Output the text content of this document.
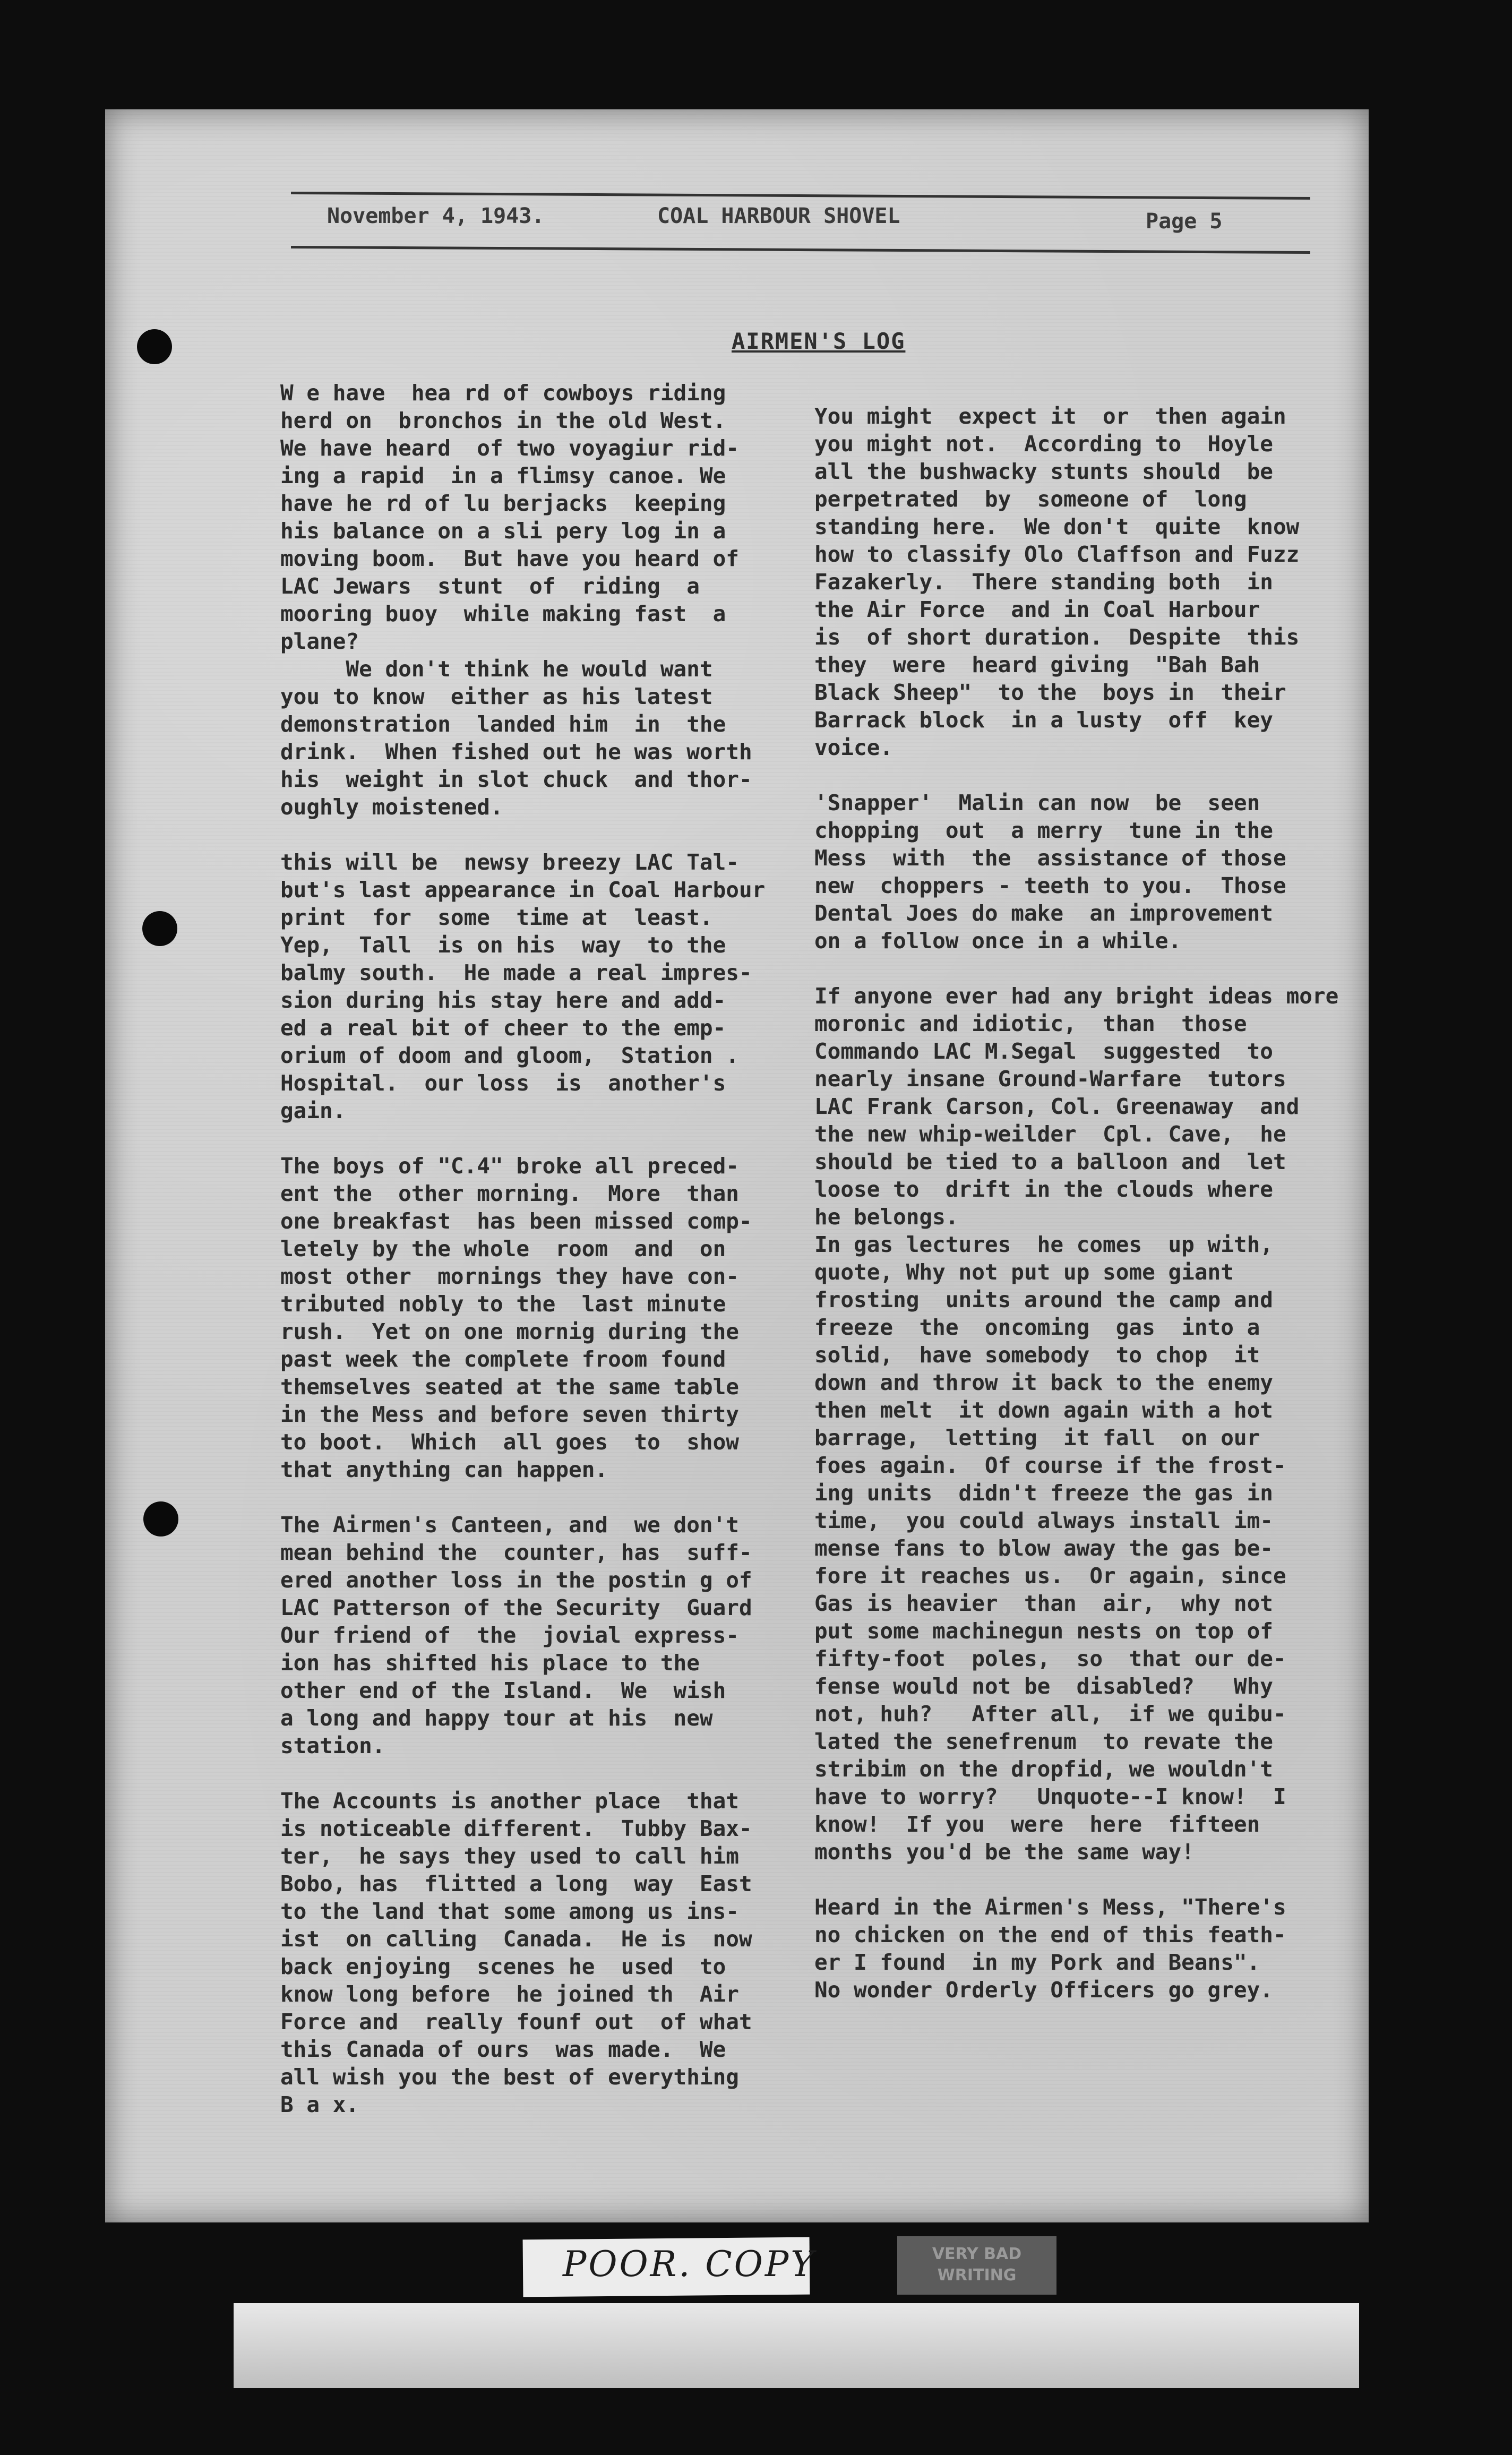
November 4, 1943.	COAL HARBOUR SHOVEL	Page 5
AIRMEN'S LOG

W e have  hea rd of cowboys riding
herd on  bronchos in the old West.
We have heard  of two voyagiur rid-
ing a rapid  in a flimsy canoe. We
have he rd of lu berjacks  keeping
his balance on a sli pery log in a
moving boom.  But have you heard of
LAC Jewars  stunt  of  riding  a
mooring buoy  while making fast  a
plane?
We don't think he would want
you to know  either as his latest
demonstration  landed him  in  the
drink.  When fished out he was worth
his  weight in slot chuck  and thor-
oughly moistened.

this will be  newsy breezy LAC Tal-
but's last appearance in Coal Harbour
print  for  some  time at  least.
Yep,  Tall  is on his  way  to the
balmy south.  He made a real impres-
sion during his stay here and add-
ed a real bit of cheer to the emp-
orium of doom and gloom,  Station .
Hospital.  our loss  is  another's
gain.

The boys of "C.4" broke all preced-
ent the  other morning.  More  than
one breakfast  has been missed comp-
letely by the whole  room  and  on
most other  mornings they have con-
tributed nobly to the  last minute
rush.  Yet on one mornig during the
past week the complete froom found
themselves seated at the same table
in the Mess and before seven thirty
to boot.  Which  all goes  to  show
that anything can happen.

The Airmen's Canteen, and  we don't
mean behind the  counter, has  suff-
ered another loss in the postin g of
LAC Patterson of the Security  Guard
Our friend of  the  jovial express-
ion has shifted his place to the
other end of the Island.  We  wish
a long and happy tour at his  new
station.

The Accounts is another place  that
is noticeable different.  Tubby Bax-
ter,  he says they used to call him
Bobo, has  flitted a long  way  East
to the land that some among us ins-
ist  on calling  Canada.  He is  now
back enjoying  scenes he  used  to
know long before  he joined th  Air
Force and  really founf out  of what
this Canada of ours  was made.  We
all wish you the best of everything
B a x.

You might  expect it  or  then again
you might not.  According to  Hoyle
all the bushwacky stunts should  be
perpetrated  by  someone of  long
standing here.  We don't  quite  know
how to classify Olo Claffson and Fuzz
Fazakerly.  There standing both  in
the Air Force  and in Coal Harbour
is  of short duration.  Despite  this
they  were  heard giving  "Bah Bah
Black Sheep"  to the  boys in  their
Barrack block  in a lusty  off  key
voice.

'Snapper'  Malin can now  be  seen
chopping  out  a merry  tune in the
Mess  with  the  assistance of those
new  choppers - teeth to you.  Those
Dental Joes do make  an improvement
on a follow once in a while.

If anyone ever had any bright ideas more
moronic and idiotic,  than  those
Commando LAC M.Segal  suggested  to
nearly insane Ground-Warfare  tutors
LAC Frank Carson, Col. Greenaway  and
the new whip-weilder  Cpl. Cave,  he
should be tied to a balloon and  let
loose to  drift in the clouds where
he belongs.
In gas lectures  he comes  up with,
quote, Why not put up some giant
frosting  units around the camp and
freeze  the  oncoming  gas  into a
solid,  have somebody  to chop  it
down and throw it back to the enemy
then melt  it down again with a hot
barrage,  letting  it fall  on our
foes again.  Of course if the frost-
ing units  didn't freeze the gas in
time,  you could always install im-
mense fans to blow away the gas be-
fore it reaches us.  Or again, since
Gas is heavier  than  air,  why not
put some machinegun nests on top of
fifty-foot  poles,  so  that our de-
fense would not be  disabled?   Why
not, huh?   After all,  if we quibu-
lated the senefrenum  to revate the
stribim on the dropfid, we wouldn't
have to worry?   Unquote--I know!  I
know!  If you  were  here  fifteen
months you'd be the same way!

Heard in the Airmen's Mess, "There's
no chicken on the end of this feath-
er I found  in my Pork and Beans".
No wonder Orderly Officers go grey.

POOR. COPY	VERY BAD WRITING
